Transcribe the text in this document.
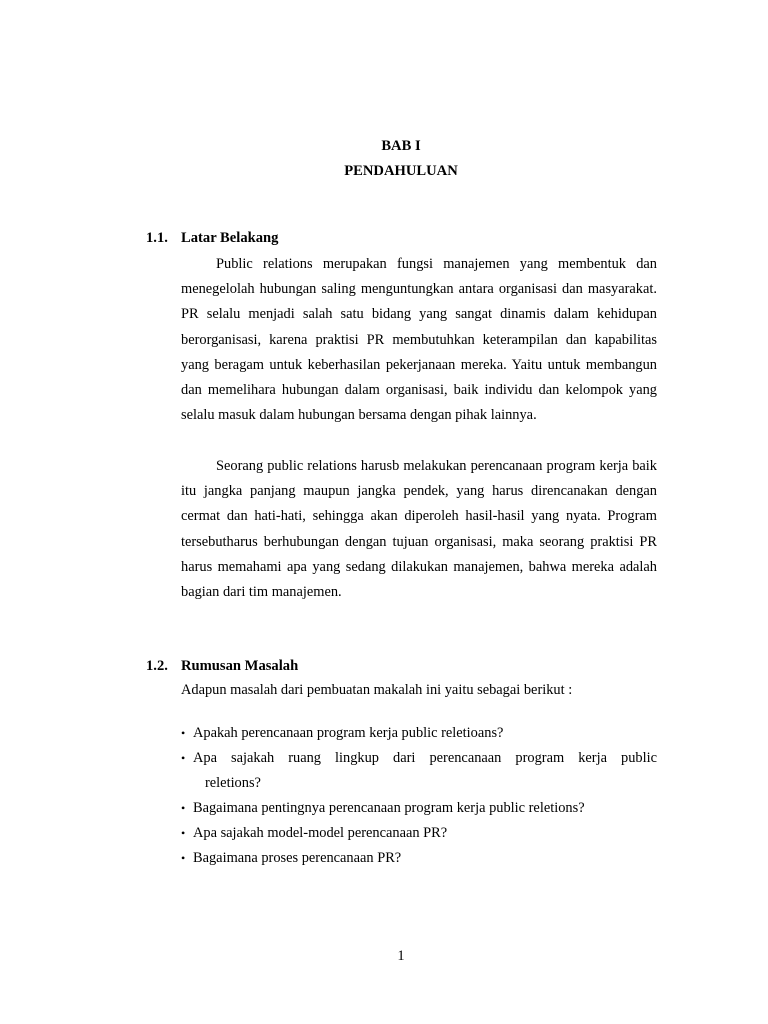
BAB I
PENDAHULUAN
1.1. Latar Belakang

Public relations merupakan fungsi manajemen yang membentuk dan menegelolah hubungan saling menguntungkan antara organisasi dan masyarakat. PR selalu menjadi salah satu bidang yang sangat dinamis dalam kehidupan berorganisasi, karena praktisi PR membutuhkan keterampilan dan kapabilitas yang beragam untuk keberhasilan pekerjanaan mereka. Yaitu untuk membangun dan memelihara hubungan dalam organisasi, baik individu dan kelompok yang selalu masuk dalam hubungan bersama dengan pihak lainnya.

Seorang public relations harusb melakukan perencanaan program kerja baik itu jangka panjang maupun jangka pendek, yang harus direncanakan dengan cermat dan hati-hati, sehingga akan diperoleh hasil-hasil yang nyata. Program tersebutharus berhubungan dengan tujuan organisasi, maka seorang praktisi PR harus memahami apa yang sedang dilakukan manajemen, bahwa mereka adalah bagian dari tim manajemen.

1.2. Rumusan Masalah

Adapun masalah dari pembuatan makalah ini yaitu sebagai berikut :

• Apakah perencanaan program kerja public reletioans?
• Apa sajakah ruang lingkup dari perencanaan program kerja public
reletions?
• Bagaimana pentingnya perencanaan program kerja public reletions?
• Apa sajakah model-model perencanaan PR?
• Bagaimana proses perencanaan PR?
1
